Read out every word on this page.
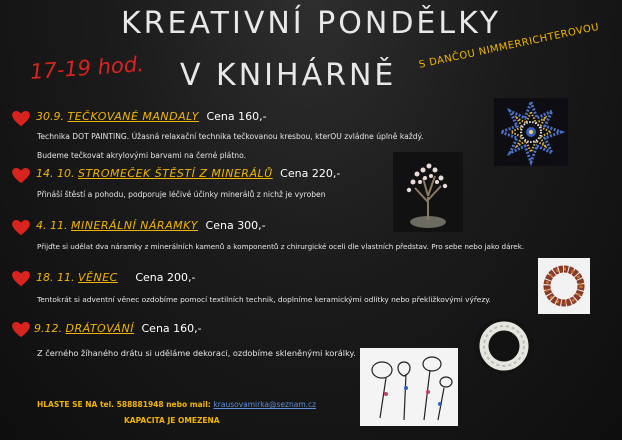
KREATIVNÍ PONDĚLKY
V KNIHÁRNĚ
17-19 hod.	S DANČOU NIMMERRICHTEROVOU
30.9. TEČKOVANÉ MANDALY Cena 160,-
Technika DOT PAINTING. Úžasná relaxační technika tečkovanou kresbou, kterOU zvládne úplně každý.
Budeme tečkovat akrylovými barvami na černé plátno.
14. 10. STROMEČEK ŠTĚSTÍ Z MINERÁLŮ Cena 220,-
Přináší štěstí a pohodu, podporuje léčivé účinky minerálů z nichž je vyroben
4. 11. MINERÁLNÍ NÁRAMKY Cena 300,-
Přijďte si udělat dva náramky z minerálních kamenů a komponentů z chirurgické oceli dle vlastních představ. Pro sebe nebo jako dárek.
18. 11. VĚNEC Cena 200,-
Tentokrát si adventní věnec ozdobíme pomocí textilních technik, doplníme keramickými odlitky nebo překližkovými výřezy.
9.12. DRÁTOVÁNÍ Cena 160,-
Z černého žíhaného drátu si uděláme dekoraci, ozdobíme skleněnými korálky.
HLASTE SE NA tel. 588881948 nebo mail: krausovamirka@seznam.cz
KAPACITA JE OMEZENA
